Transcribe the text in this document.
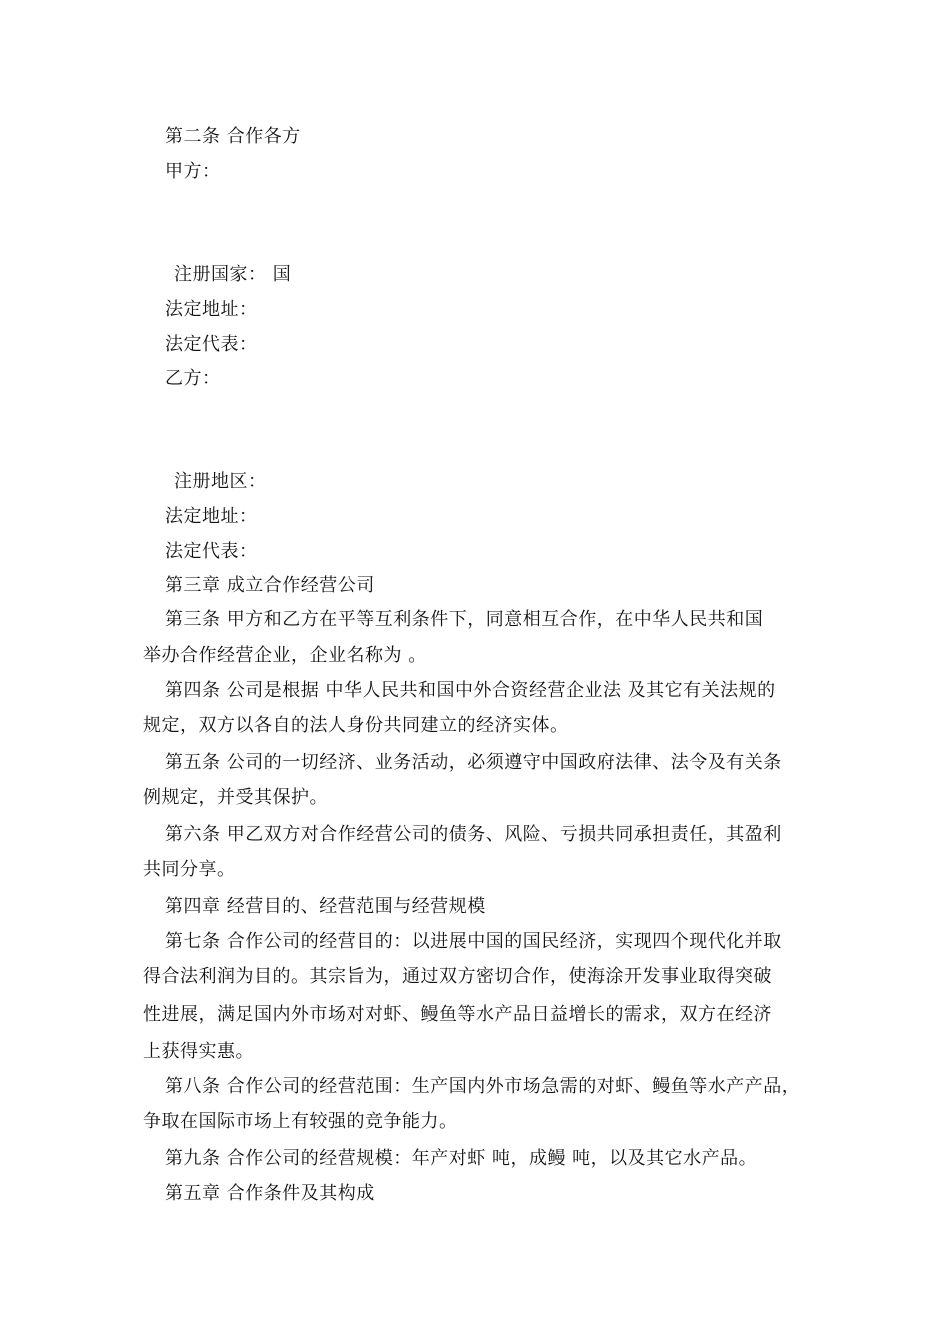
第二条 合作各方
甲方：
注册国家： 国
法定地址：
法定代表：
乙方：
注册地区：
法定地址：
法定代表：
第三章 成立合作经营公司
第三条 甲方和乙方在平等互利条件下，同意相互合作，在中华人民共和国
举办合作经营企业，企业名称为 。
第四条 公司是根据 中华人民共和国中外合资经营企业法 及其它有关法规的
规定，双方以各自的法人身份共同建立的经济实体。
第五条 公司的一切经济、业务活动，必须遵守中国政府法律、法令及有关条
例规定，并受其保护。
第六条 甲乙双方对合作经营公司的债务、风险、亏损共同承担责任，其盈利
共同分享。
第四章 经营目的、经营范围与经营规模
第七条 合作公司的经营目的：以进展中国的国民经济，实现四个现代化并取
得合法利润为目的。其宗旨为，通过双方密切合作，使海涂开发事业取得突破
性进展，满足国内外市场对对虾、鳗鱼等水产品日益增长的需求，双方在经济
上获得实惠。
第八条 合作公司的经营范围：生产国内外市场急需的对虾、鳗鱼等水产产品，
争取在国际市场上有较强的竞争能力。
第九条 合作公司的经营规模：年产对虾 吨，成鳗 吨，以及其它水产品。
第五章 合作条件及其构成
